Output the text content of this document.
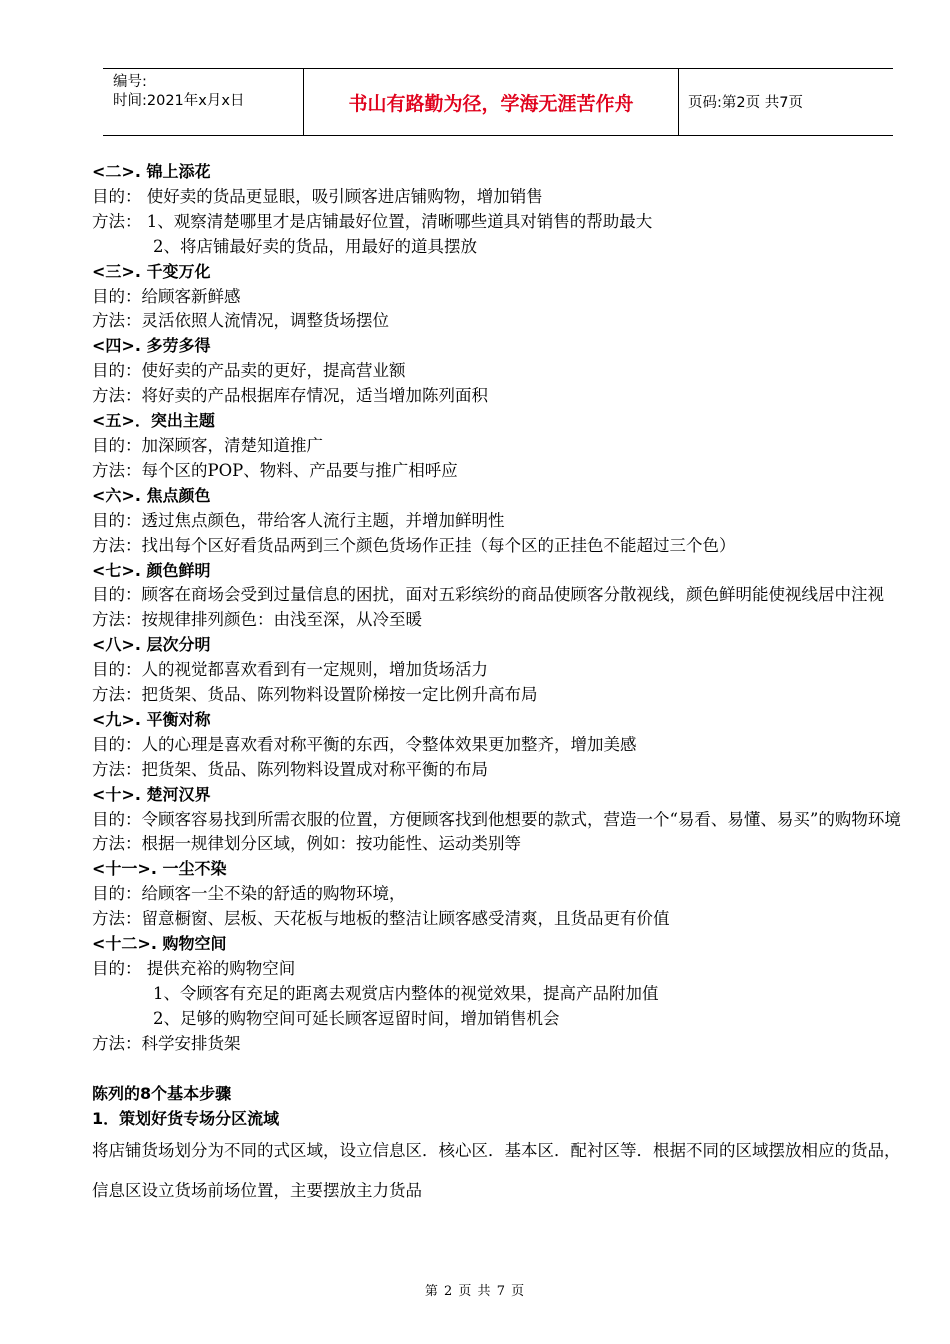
编号:
时间:2021年x月x日	书山有路勤为径，学海无涯苦作舟	页码:第2页 共7页
<二>. 锦上添花
目的： 使好卖的货品更显眼，吸引顾客进店铺购物，增加销售
方法： 1、观察清楚哪里才是店铺最好位置，清晰哪些道具对销售的帮助最大
2、将店铺最好卖的货品，用最好的道具摆放
<三>. 千变万化
目的：给顾客新鲜感
方法：灵活依照人流情况，调整货场摆位
<四>. 多劳多得
目的：使好卖的产品卖的更好，提高营业额
方法：将好卖的产品根据库存情况，适当增加陈列面积
<五>．突出主题
目的：加深顾客，清楚知道推广
方法：每个区的POP、物料、产品要与推广相呼应
<六>. 焦点颜色
目的：透过焦点颜色，带给客人流行主题，并增加鲜明性
方法：找出每个区好看货品两到三个颜色货场作正挂（每个区的正挂色不能超过三个色）
<七>. 颜色鲜明
目的：顾客在商场会受到过量信息的困扰，面对五彩缤纷的商品使顾客分散视线，颜色鲜明能使视线居中注视
方法：按规律排列颜色：由浅至深，从冷至暖
<八>. 层次分明
目的：人的视觉都喜欢看到有一定规则，增加货场活力
方法：把货架、货品、陈列物料设置阶梯按一定比例升高布局
<九>. 平衡对称
目的：人的心理是喜欢看对称平衡的东西，令整体效果更加整齐，增加美感
方法：把货架、货品、陈列物料设置成对称平衡的布局
<十>. 楚河汉界
目的：令顾客容易找到所需衣服的位置，方便顾客找到他想要的款式，营造一个“易看、易懂、易买”的购物环境
方法：根据一规律划分区域，例如：按功能性、运动类别等
<十一>. 一尘不染
目的：给顾客一尘不染的舒适的购物环境，
方法：留意橱窗、层板、天花板与地板的整洁让顾客感受清爽，且货品更有价值
<十二>. 购物空间
目的： 提供充裕的购物空间
1、令顾客有充足的距离去观赏店内整体的视觉效果，提高产品附加值
2、足够的购物空间可延长顾客逗留时间，增加销售机会
方法：科学安排货架
陈列的8个基本步骤
1．策划好货专场分区流域
将店铺货场划分为不同的式区域，设立信息区．核心区．基本区．配衬区等．根据不同的区域摆放相应的货品，信息区设立货场前场位置，主要摆放主力货品
第 2 页 共 7 页
